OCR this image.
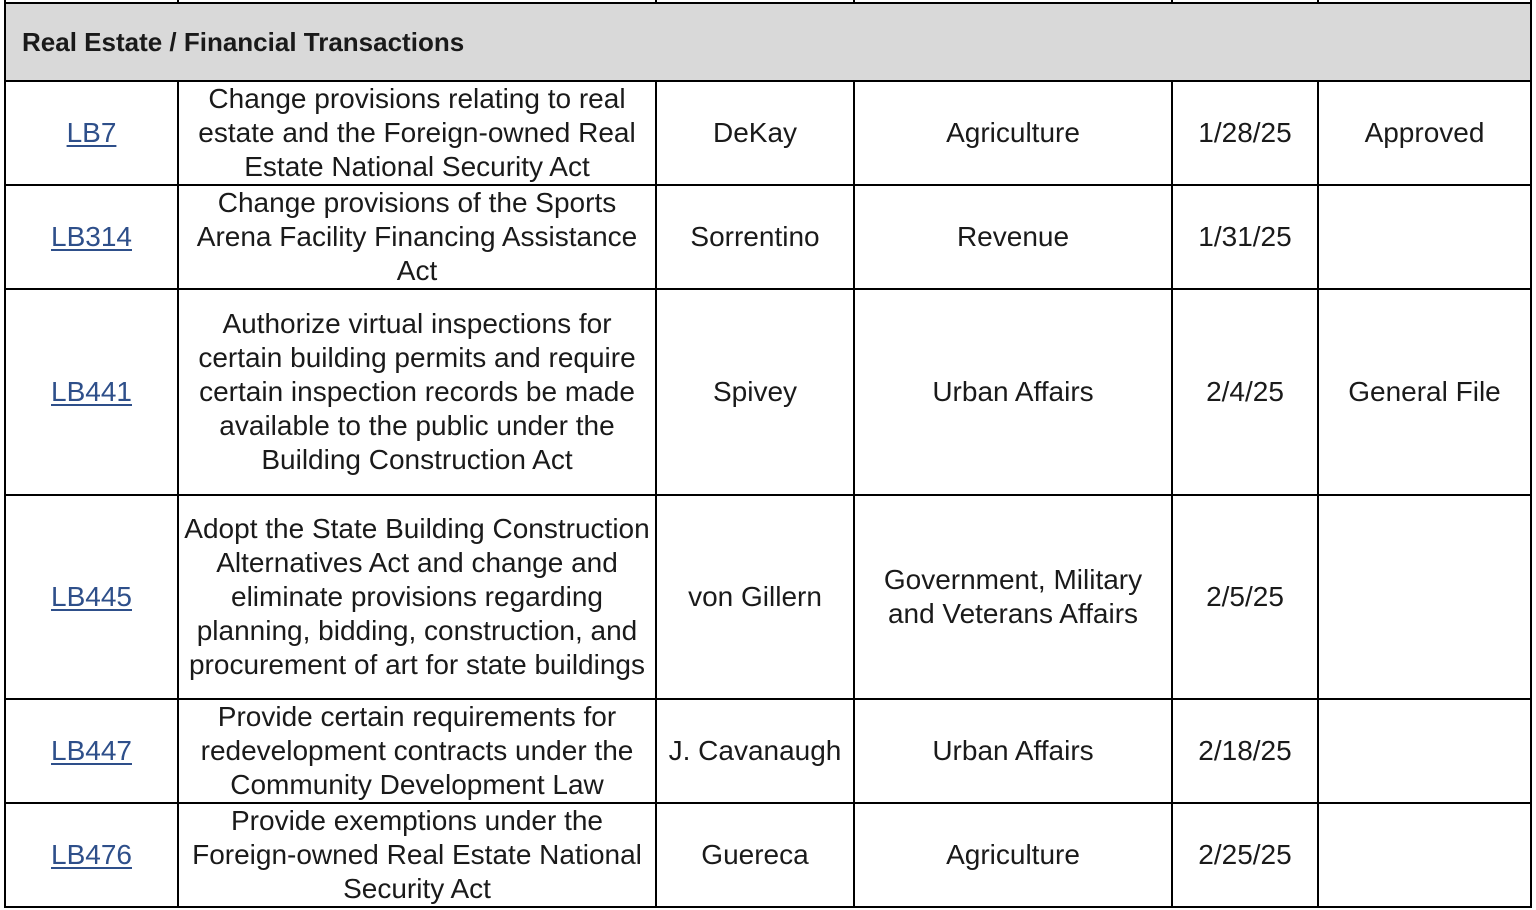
Real Estate / Financial Transactions					
LB7	Change provisions relating to real estate and the Foreign-owned Real Estate National Security Act	DeKay	Agriculture	1/28/25	Approved
LB314	Change provisions of the Sports Arena Facility Financing Assistance Act	Sorrentino	Revenue	1/31/25	
LB441	Authorize virtual inspections for certain building permits and require certain inspection records be made available to the public under the Building Construction Act	Spivey	Urban Affairs	2/4/25	General File
LB445	Adopt the State Building Construction Alternatives Act and change and eliminate provisions regarding planning, bidding, construction, and procurement of art for state buildings	von Gillern	Government, Military and Veterans Affairs	2/5/25	
LB447	Provide certain requirements for redevelopment contracts under the Community Development Law	J. Cavanaugh	Urban Affairs	2/18/25	
LB476	Provide exemptions under the Foreign-owned Real Estate National Security Act	Guereca	Agriculture	2/25/25	
